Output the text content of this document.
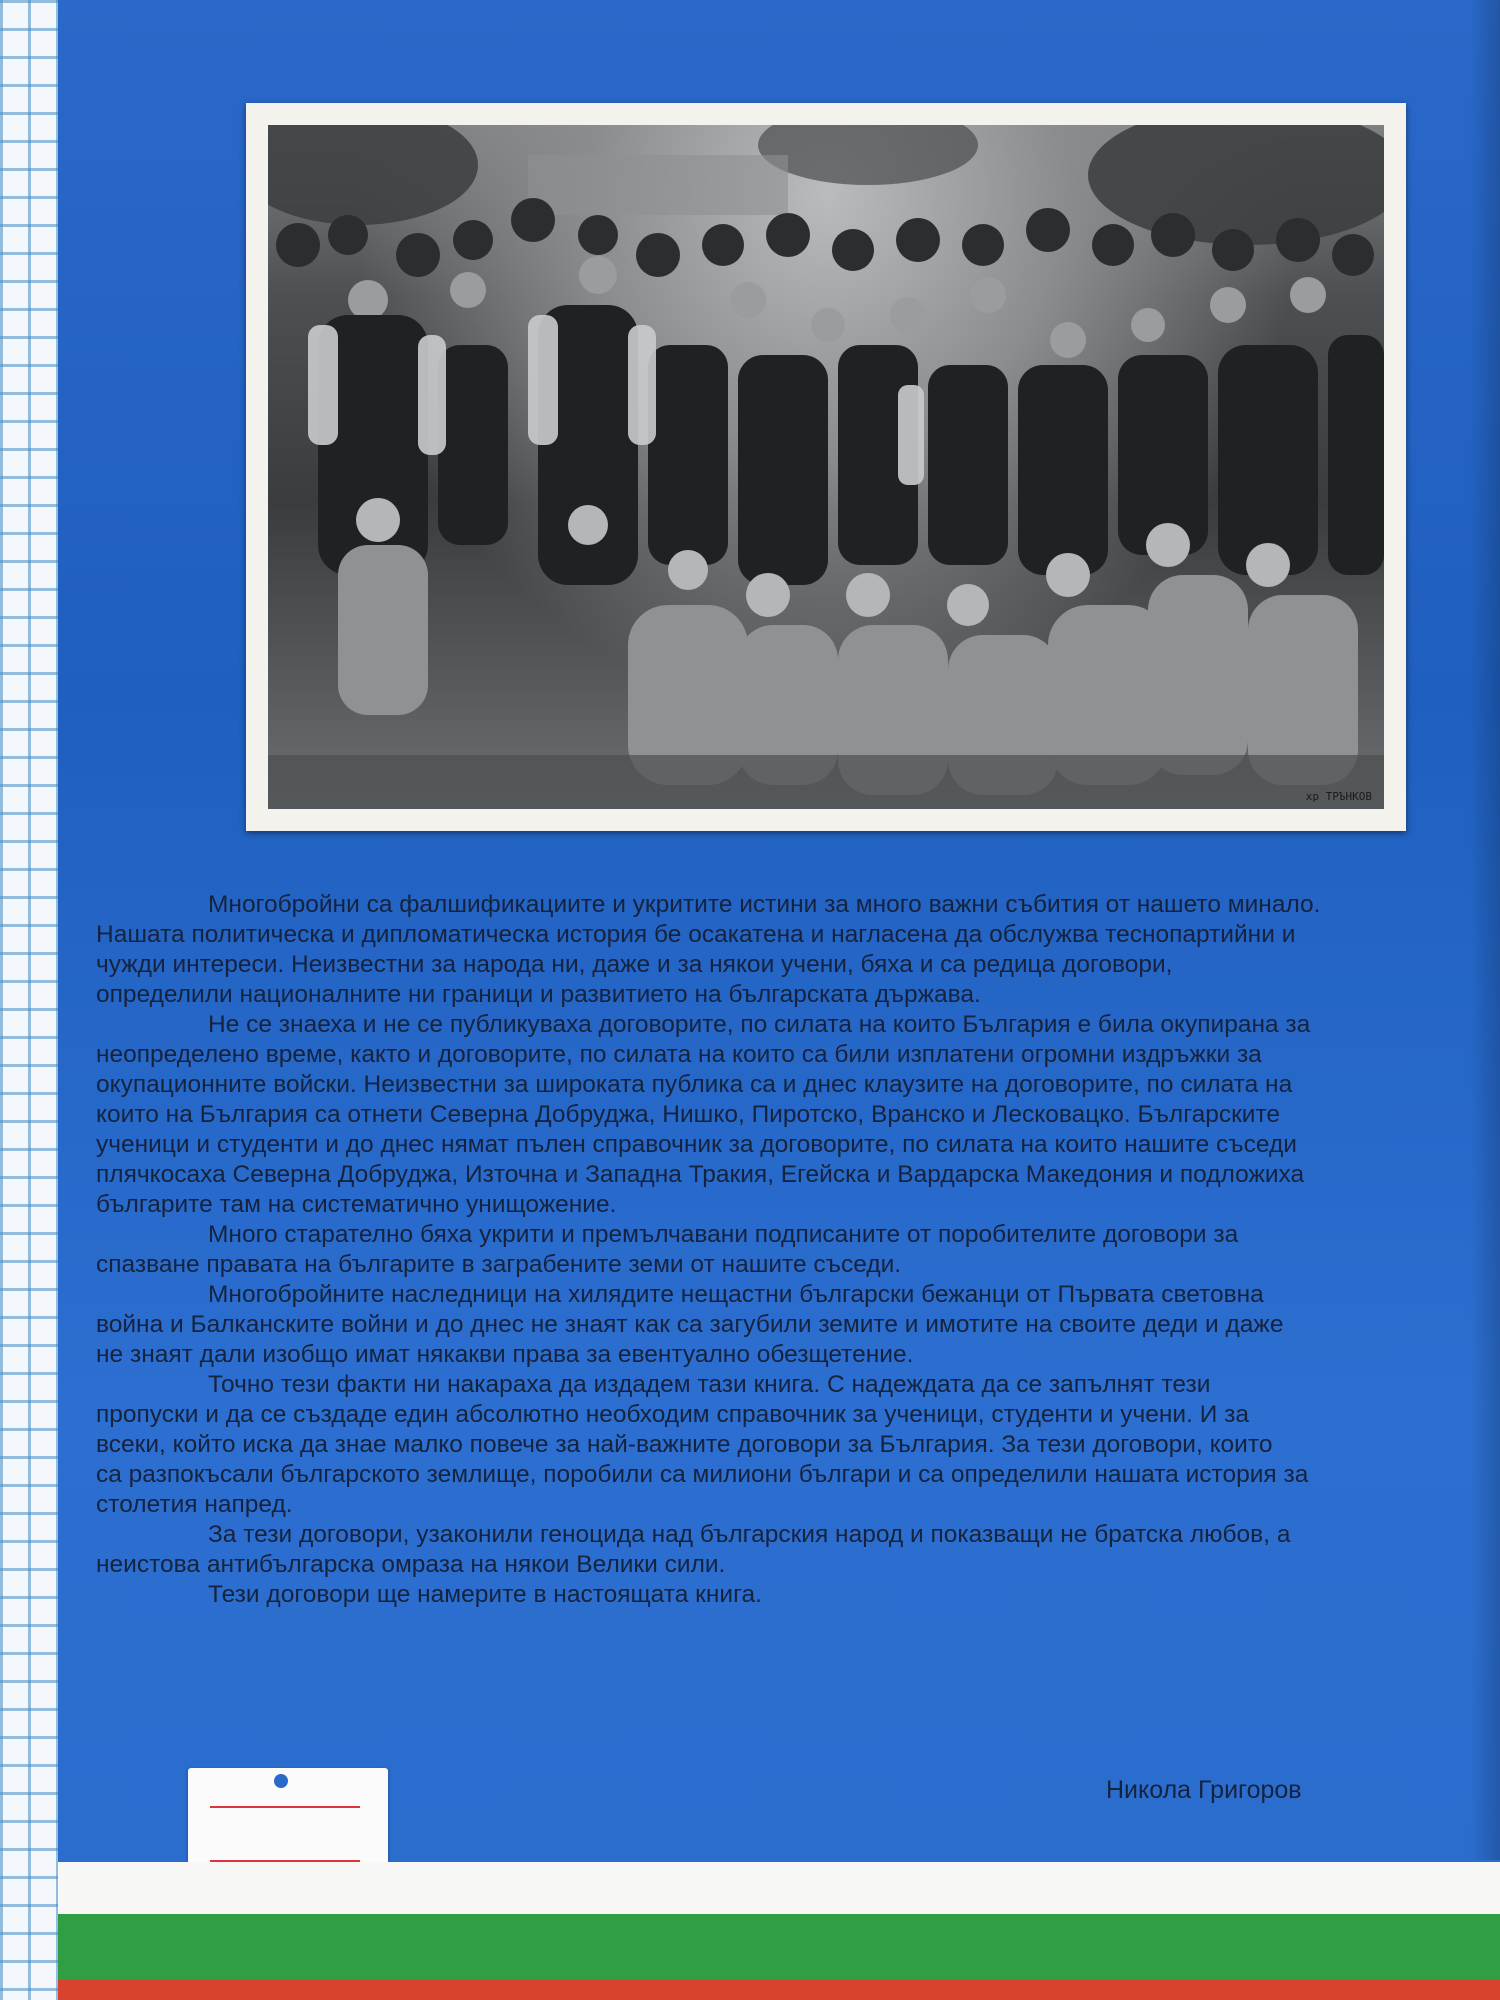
хр ТРЪНКОВ
Многобройни са фалшификациите и укритите истини за много важни събития от нашето минало.
Нашата политическа и дипломатическа история бе осакатена и нагласена да обслужва теснопартийни и
чужди интереси. Неизвестни за народа ни, даже и за някои учени, бяха и са редица договори,
определили националните ни граници и развитието на българската държава.
Не се знаеха и не се публикуваха договорите, по силата на които България е била окупирана за
неопределено време, както и договорите, по силата на които са били изплатени огромни издръжки за
окупационните войски. Неизвестни за широката публика са и днес клаузите на договорите, по силата на
които на България са отнети Северна Добруджа, Нишко, Пиротско, Вранско и Лесковацко. Българските
ученици и студенти и до днес нямат пълен справочник за договорите, по силата на които нашите съседи
плячкосаха Северна Добруджа, Източна и Западна Тракия, Егейска и Вардарска Македония и подложиха
българите там на систематично унищожение.
Много старателно бяха укрити и премълчавани подписаните от поробителите договори за
спазване правата на българите в заграбените земи от нашите съседи.
Многобройните наследници на хилядите нещастни български бежанци от Първата световна
война и Балканските войни и до днес не знаят как са загубили земите и имотите на своите деди и даже
не знаят дали изобщо имат някакви права за евентуално обезщетение.
Точно тези факти ни накараха да издадем тази книга. С надеждата да се запълнят тези
пропуски и да се създаде един абсолютно необходим справочник за ученици, студенти и учени. И за
всеки, който иска да знае малко повече за най-важните договори за България. За тези договори, които
са разпокъсали българското землище, поробили са милиони българи и са определили нашата история за
столетия напред.
За тези договори, узаконили геноцида над българския народ и показващи не братска любов, а
неистова антибългарска омраза на някои Велики сили.
Тези договори ще намерите в настоящата книга.
Никола Григоров
